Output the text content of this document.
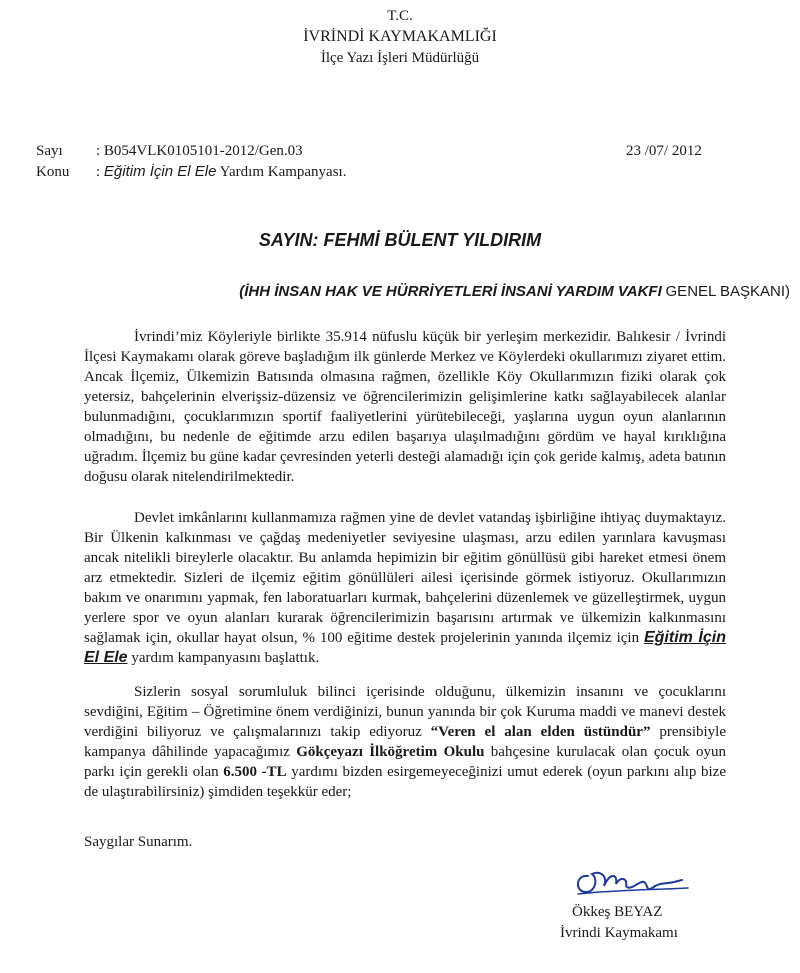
T.C.
İVRİNDİ KAYMAKAMLIĞI
İlçe Yazı İşleri Müdürlüğü
Sayı : B054VLK0105101-2012/Gen.03	23 /07/ 2012
Konu : Eğitim İçin El Ele Yardım Kampanyası.
SAYIN: FEHMİ BÜLENT YILDIRIM
(İHH İNSAN HAK VE HÜRRİYETLERİ İNSANİ YARDIM VAKFI GENEL BAŞKANI)

İvrindi’miz Köyleriyle birlikte 35.914 nüfuslu küçük bir yerleşim merkezidir. Balıkesir / İvrindi İlçesi Kaymakamı olarak göreve başladığım ilk günlerde Merkez ve Köylerdeki okullarımızı ziyaret ettim. Ancak İlçemiz, Ülkemizin Batısında olmasına rağmen, özellikle Köy Okullarımızın fiziki olarak çok yetersiz, bahçelerinin elverişsiz-düzensiz ve öğrencilerimizin gelişimlerine katkı sağlayabilecek alanlar bulunmadığını, çocuklarımızın sportif faaliyetlerini yürütebileceği, yaşlarına uygun oyun alanlarının olmadığını, bu nedenle de eğitimde arzu edilen başarıya ulaşılmadığını gördüm ve hayal kırıklığına uğradım. İlçemiz bu güne kadar çevresinden yeterli desteği alamadığı için çok geride kalmış, adeta batının doğusu olarak nitelendirilmektedir.

Devlet imkânlarını kullanmamıza rağmen yine de devlet vatandaş işbirliğine ihtiyaç duymaktayız. Bir Ülkenin kalkınması ve çağdaş medeniyetler seviyesine ulaşması, arzu edilen yarınlara kavuşması ancak nitelikli bireylerle olacaktır. Bu anlamda hepimizin bir eğitim gönüllüsü gibi hareket etmesi önem arz etmektedir. Sizleri de ilçemiz eğitim gönüllüleri ailesi içerisinde görmek istiyoruz. Okullarımızın bakım ve onarımını yapmak, fen laboratuarları kurmak, bahçelerini düzenlemek ve güzelleştirmek, uygun yerlere spor ve oyun alanları kurarak öğrencilerimizin başarısını artırmak ve ülkemizin kalkınmasını sağlamak için, okullar hayat olsun, % 100 eğitime destek projelerinin yanında ilçemiz için Eğitim İçin El Ele yardım kampanyasını başlattık.

Sizlerin sosyal sorumluluk bilinci içerisinde olduğunu, ülkemizin insanını ve çocuklarını sevdiğini, Eğitim – Öğretimine önem verdiğinizi, bunun yanında bir çok Kuruma maddi ve manevi destek verdiğini biliyoruz ve çalışmalarınızı takip ediyoruz “Veren el alan elden üstündür” prensibiyle kampanya dâhilinde yapacağımız Gökçeyazı İlköğretim Okulu bahçesine kurulacak olan çocuk oyun parkı için gerekli olan 6.500 -TL yardımı bizden esirgemeyeceğinizi umut ederek (oyun parkını alıp bize de ulaştırabilirsiniz) şimdiden teşekkür eder;

Saygılar Sunarım.
Ökkeş BEYAZ
İvrindi Kaymakamı
